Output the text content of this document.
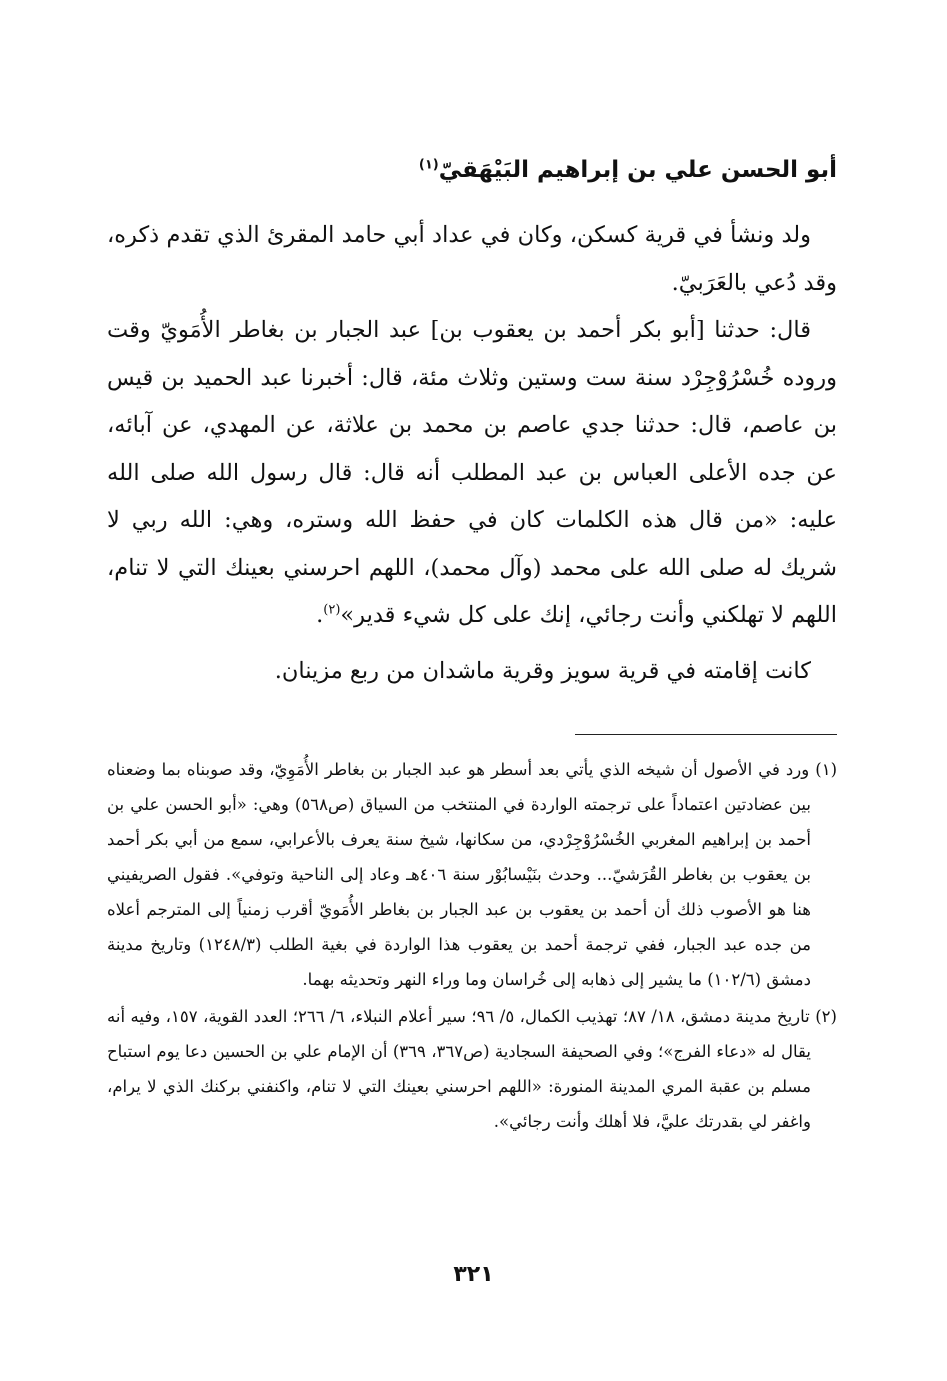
أبو الحسن علي بن إبراهيم البَيْهَقيّ$^{(١)}$

ولد ونشأ في قرية كسكن، وكان في عداد أبي حامد المقرئ الذي تقدم ذكره، وقد دُعي بالعَرَبيّ.

قال: حدثنا [أبو بكر أحمد بن يعقوب بن] عبد الجبار بن بغاطر الأُمَويّ وقت وروده خُسْرُوْجِرْد سنة ست وستين وثلاث مئة، قال: أخبرنا عبد الحميد بن قيس بن عاصم، قال: حدثنا جدي عاصم بن محمد بن علاثة، عن المهدي، عن آبائه، عن جده الأعلى العباس بن عبد المطلب أنه قال: قال رسول الله صلى الله عليه: «من قال هذه الكلمات كان في حفظ الله وستره، وهي: الله ربي لا شريك له صلى الله على محمد (وآل محمد)، اللهم احرسني بعينك التي لا تنام، اللهم لا تهلكني وأنت رجائي، إنك على كل شيء قدير»$^{(٢)}$.

كانت إقامته في قرية سويز وقرية ماشدان من ربع مزينان.

(١) ورد في الأصول أن شيخه الذي يأتي بعد أسطر هو عبد الجبار بن بغاطر الأُمَوِيّ، وقد صوبناه بما وضعناه بين عضادتين اعتماداً على ترجمته الواردة في المنتخب من السياق (ص٥٦٨) وهي: «أبو الحسن علي بن أحمد بن إبراهيم المغربي الخُسْرُوْجِرْدي، من سكانها، شيخ سنة يعرف بالأعرابي، سمع من أبي بكر أحمد بن يعقوب بن بغاطر القُرَشيّ... وحدث بنَيْسابُوْر سنة ٤٠٦هـ وعاد إلى الناحية وتوفي». فقول الصريفيني هنا هو الأصوب ذلك أن أحمد بن يعقوب بن عبد الجبار بن بغاطر الأُمَويّ أقرب زمنياً إلى المترجم أعلاه من جده عبد الجبار، ففي ترجمة أحمد بن يعقوب هذا الواردة في بغية الطلب (١٢٤٨/٣) وتاريخ مدينة دمشق (١٠٢/٦) ما يشير إلى ذهابه إلى خُراسان وما وراء النهر وتحديثه بهما.

(٢) تاريخ مدينة دمشق، ١٨/ ٨٧؛ تهذيب الكمال، ٥/ ٩٦؛ سير أعلام النبلاء، ٦/ ٢٦٦؛ العدد القوية، ١٥٧، وفيه أنه يقال له «دعاء الفرج»؛ وفي الصحيفة السجادية (ص٣٦٧، ٣٦٩) أن الإمام علي بن الحسين دعا يوم استباح مسلم بن عقبة المري المدينة المنورة: «اللهم احرسني بعينك التي لا تنام، واكنفني بركنك الذي لا يرام، واغفر لي بقدرتك عليَّ، فلا أهلك وأنت رجائي».

٣٢١
